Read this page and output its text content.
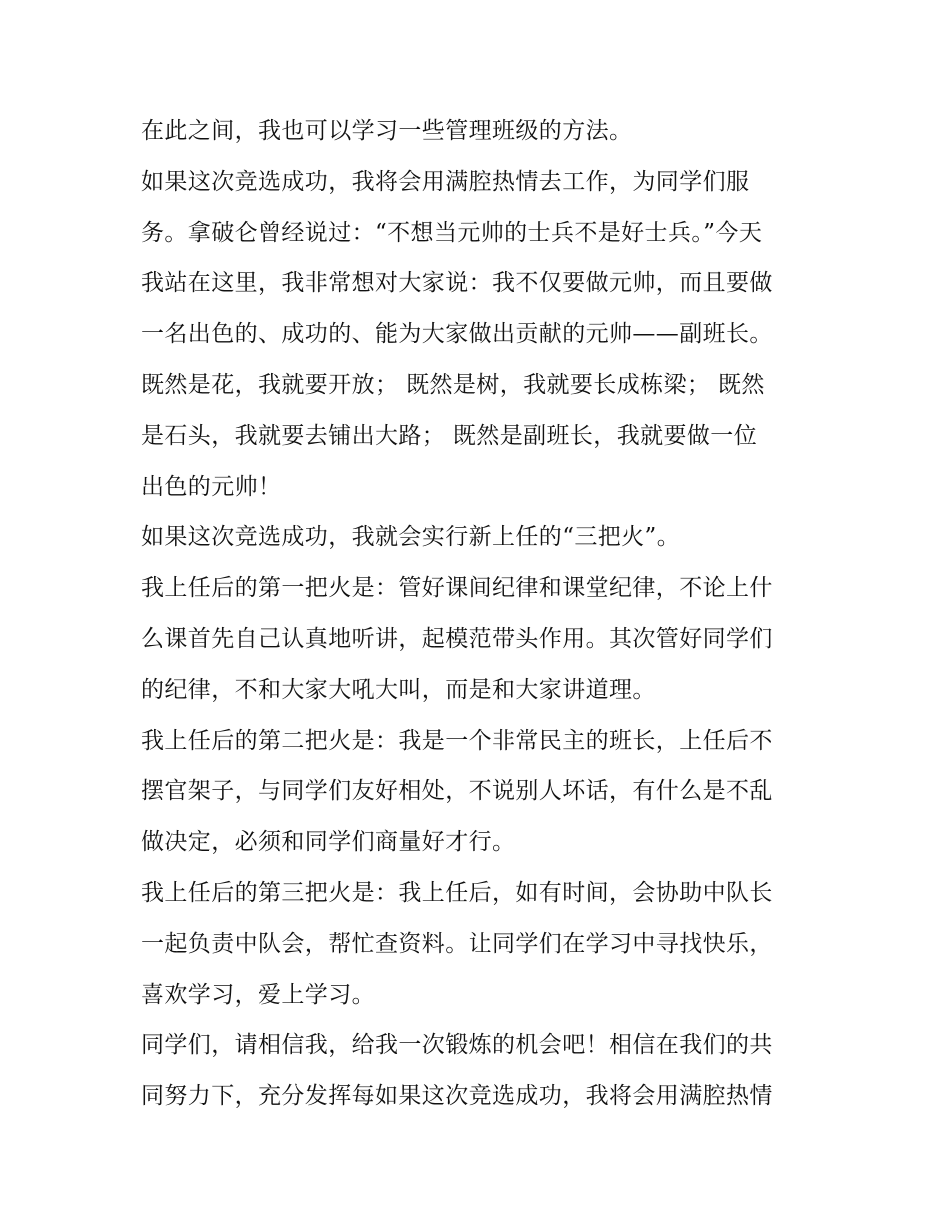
在此之间，我也可以学习一些管理班级的方法。
如果这次竞选成功，我将会用满腔热情去工作，为同学们服
务。拿破仑曾经说过：“不想当元帅的士兵不是好士兵。”今天
我站在这里，我非常想对大家说：我不仅要做元帅，而且要做
一名出色的、成功的、能为大家做出贡献的元帅——副班长。
既然是花，我就要开放； 既然是树，我就要长成栋梁； 既然
是石头，我就要去铺出大路； 既然是副班长，我就要做一位
出色的元帅！
如果这次竞选成功，我就会实行新上任的“三把火”。
我上任后的第一把火是：管好课间纪律和课堂纪律，不论上什
么课首先自己认真地听讲，起模范带头作用。其次管好同学们
的纪律，不和大家大吼大叫，而是和大家讲道理。
我上任后的第二把火是：我是一个非常民主的班长，上任后不
摆官架子，与同学们友好相处，不说别人坏话，有什么是不乱
做决定，必须和同学们商量好才行。
我上任后的第三把火是：我上任后，如有时间，会协助中队长
一起负责中队会，帮忙查资料。让同学们在学习中寻找快乐，
喜欢学习，爱上学习。
同学们，请相信我，给我一次锻炼的机会吧！相信在我们的共
同努力下，充分发挥每如果这次竞选成功，我将会用满腔热情
